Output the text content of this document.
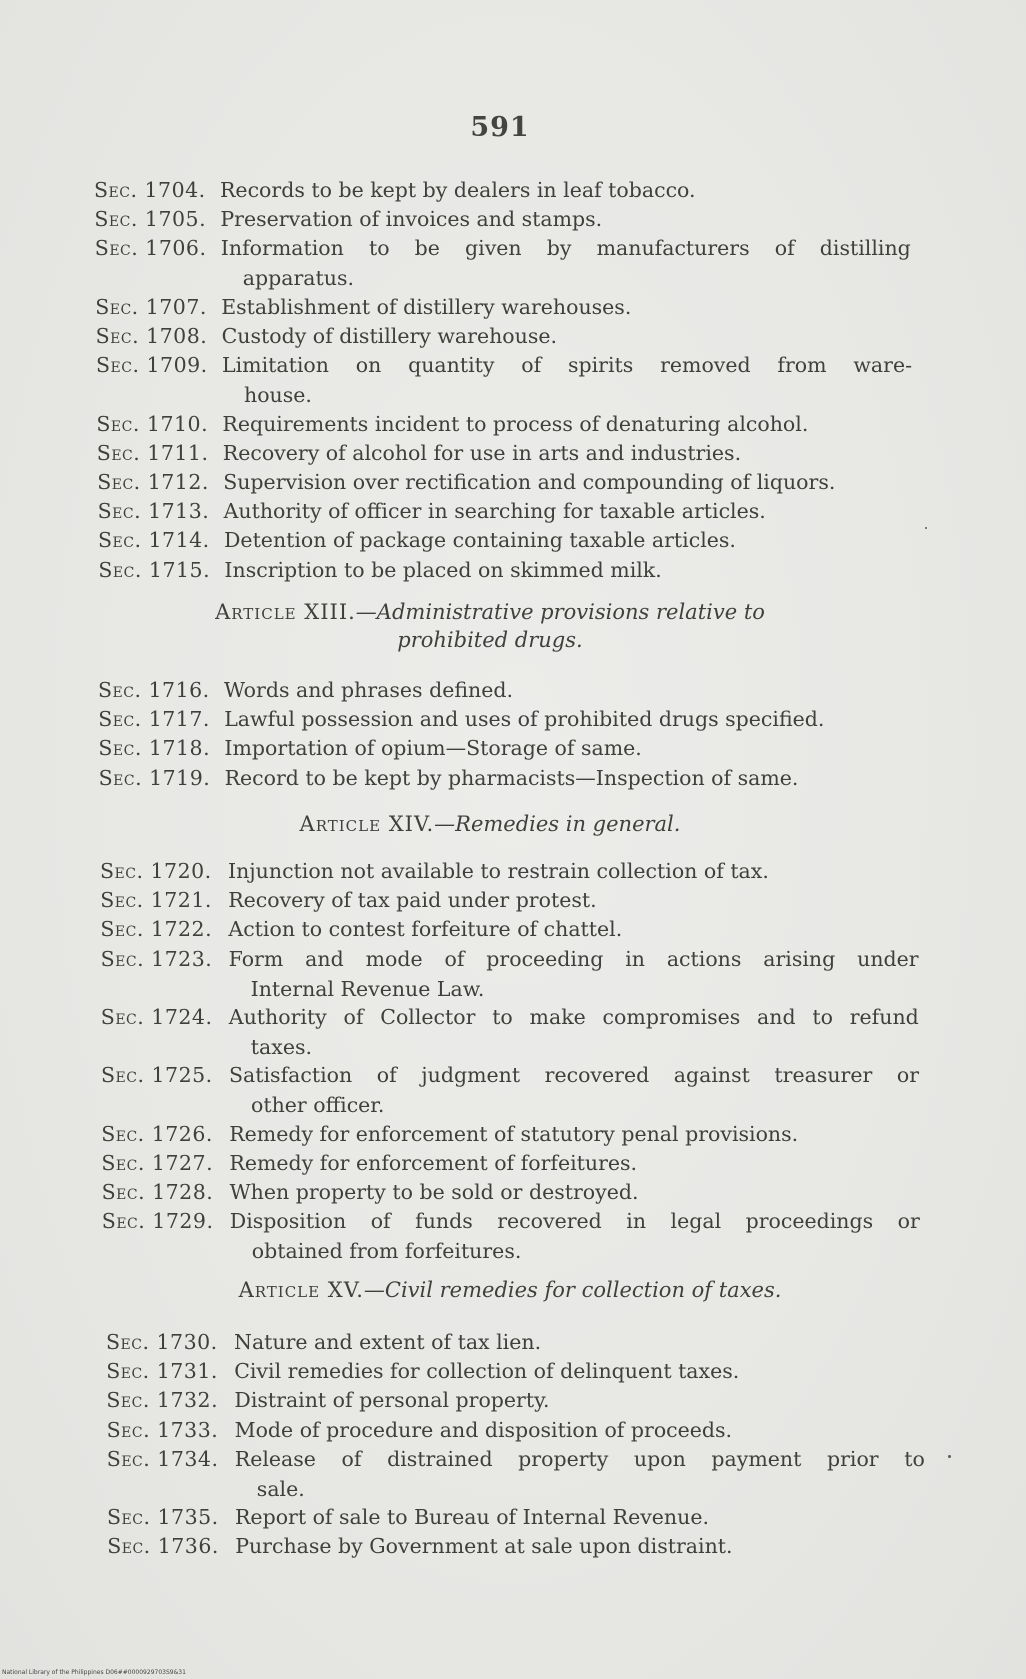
591
Sec. 1704. Records to be kept by dealers in leaf tobacco.
Sec. 1705. Preservation of invoices and stamps.
Sec. 1706. Information to be given by manufacturers of distilling
apparatus.
Sec. 1707. Establishment of distillery warehouses.
Sec. 1708. Custody of distillery warehouse.
Sec. 1709. Limitation on quantity of spirits removed from ware-
house.
Sec. 1710. Requirements incident to process of denaturing alcohol.
Sec. 1711. Recovery of alcohol for use in arts and industries.
Sec. 1712. Supervision over rectification and compounding of liquors.
Sec. 1713. Authority of officer in searching for taxable articles.
Sec. 1714. Detention of package containing taxable articles.
Sec. 1715. Inscription to be placed on skimmed milk.
Article XIII.—Administrative provisions relative to
prohibited drugs.
Sec. 1716. Words and phrases defined.
Sec. 1717. Lawful possession and uses of prohibited drugs specified.
Sec. 1718. Importation of opium—Storage of same.
Sec. 1719. Record to be kept by pharmacists—Inspection of same.
Article XIV.—Remedies in general.
Sec. 1720. Injunction not available to restrain collection of tax.
Sec. 1721. Recovery of tax paid under protest.
Sec. 1722. Action to contest forfeiture of chattel.
Sec. 1723. Form and mode of proceeding in actions arising under
Internal Revenue Law.
Sec. 1724. Authority of Collector to make compromises and to refund
taxes.
Sec. 1725. Satisfaction of judgment recovered against treasurer or
other officer.
Sec. 1726. Remedy for enforcement of statutory penal provisions.
Sec. 1727. Remedy for enforcement of forfeitures.
Sec. 1728. When property to be sold or destroyed.
Sec. 1729. Disposition of funds recovered in legal proceedings or
obtained from forfeitures.
Article XV.—Civil remedies for collection of taxes.
Sec. 1730. Nature and extent of tax lien.
Sec. 1731. Civil remedies for collection of delinquent taxes.
Sec. 1732. Distraint of personal property.
Sec. 1733. Mode of procedure and disposition of proceeds.
Sec. 1734. Release of distrained property upon payment prior to
sale.
Sec. 1735. Report of sale to Bureau of Internal Revenue.
Sec. 1736. Purchase by Government at sale upon distraint.
National Library of the Philippines D06##0000929703S9&31
